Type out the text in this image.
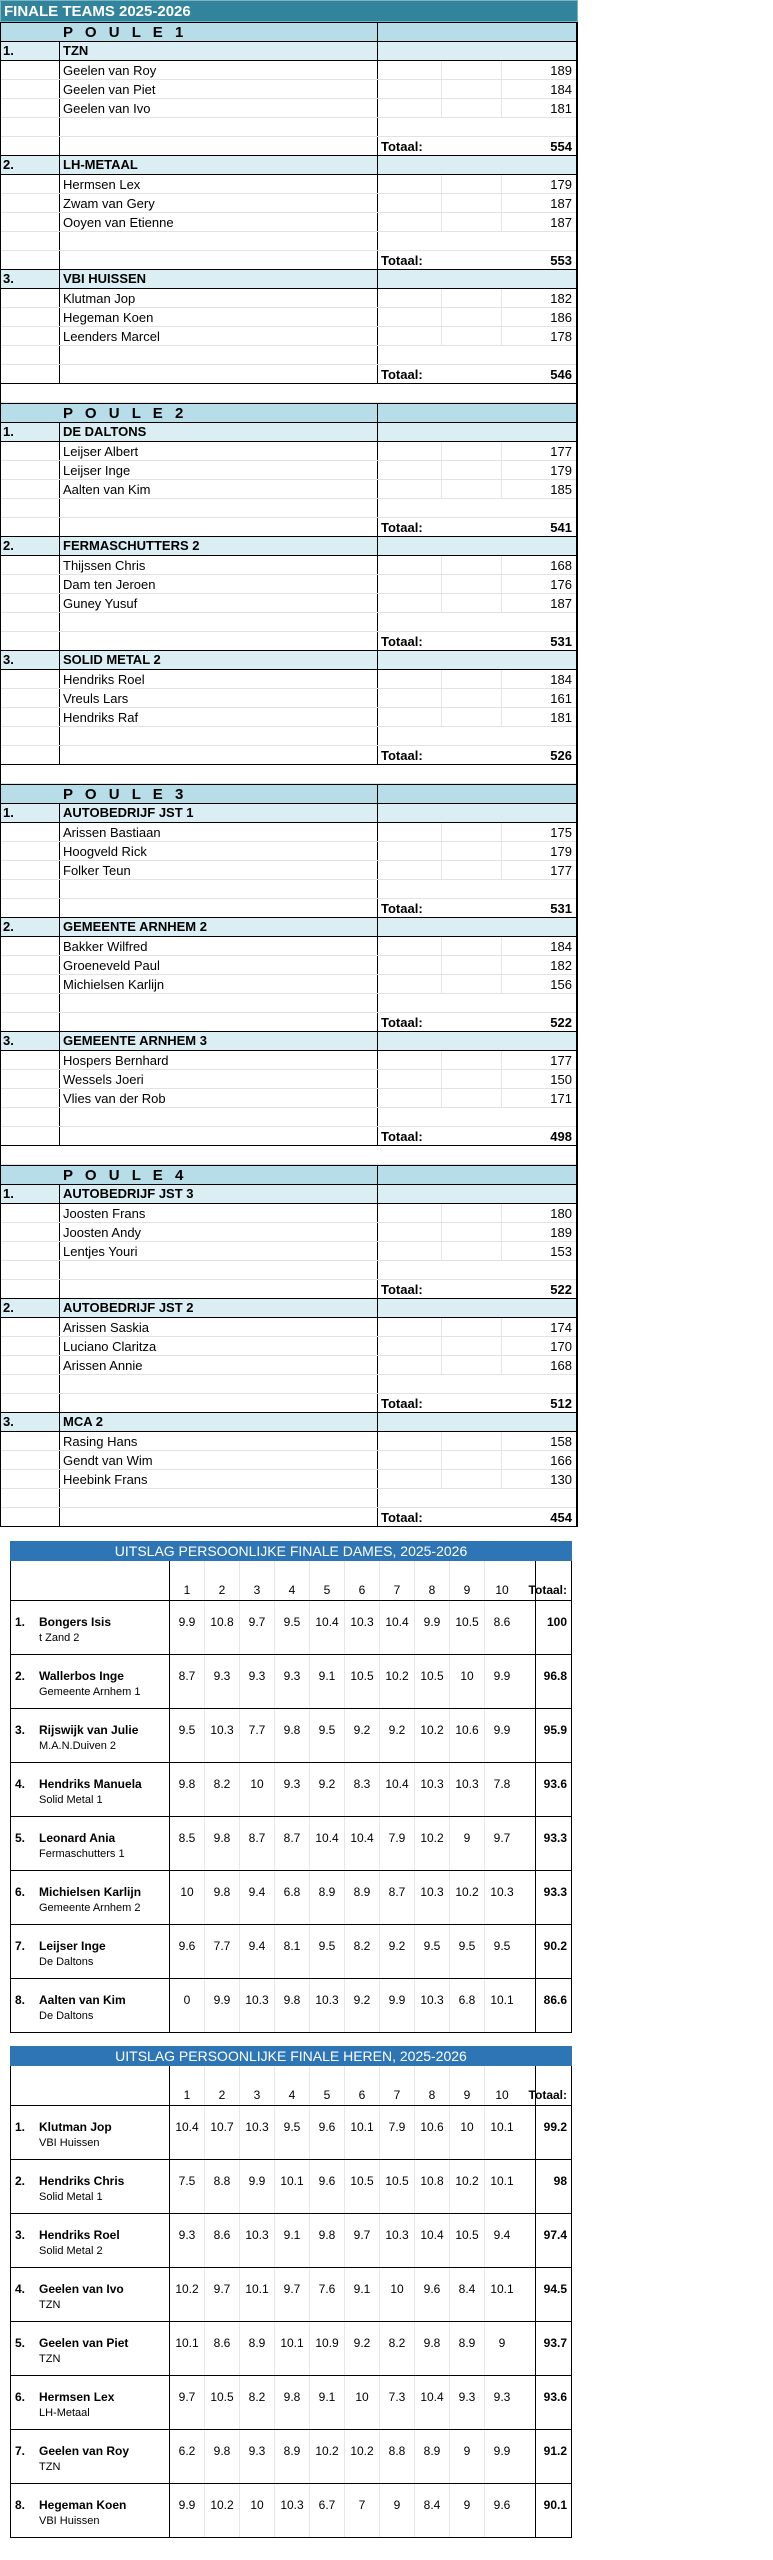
FINALE TEAMS 2025-2026
P O U L E 1
1.	TZN
Geelen van Roy	189
Geelen van Piet	184
Geelen van Ivo	181
Totaal:	554
2.	LH-METAAL
Hermsen Lex	179
Zwam van Gery	187
Ooyen van Etienne	187
Totaal:	553
3.	VBI HUISSEN
Klutman Jop	182
Hegeman Koen	186
Leenders Marcel	178
Totaal:	546
P O U L E 2
1.	DE DALTONS
Leijser Albert	177
Leijser Inge	179
Aalten van Kim	185
Totaal:	541
2.	FERMASCHUTTERS 2
Thijssen Chris	168
Dam ten Jeroen	176
Guney Yusuf	187
Totaal:	531
3.	SOLID METAL 2
Hendriks Roel	184
Vreuls Lars	161
Hendriks Raf	181
Totaal:	526
P O U L E 3
1.	AUTOBEDRIJF JST 1
Arissen Bastiaan	175
Hoogveld Rick	179
Folker Teun	177
Totaal:	531
2.	GEMEENTE ARNHEM 2
Bakker Wilfred	184
Groeneveld Paul	182
Michielsen Karlijn	156
Totaal:	522
3.	GEMEENTE ARNHEM 3
Hospers Bernhard	177
Wessels Joeri	150
Vlies van der Rob	171
Totaal:	498
P O U L E 4
1.	AUTOBEDRIJF JST 3
Joosten Frans	180
Joosten Andy	189
Lentjes Youri	153
Totaal:	522
2.	AUTOBEDRIJF JST 2
Arissen Saskia	174
Luciano Claritza	170
Arissen Annie	168
Totaal:	512
3.	MCA 2
Rasing Hans	158
Gendt van Wim	166
Heebink Frans	130
Totaal:	454
UITSLAG PERSOONLIJKE FINALE DAMES, 2025-2026
1	2	3	4	5	6	7	8	9	10	Totaal:
1. Bongers Isis
t Zand 2
9.9	10.8	9.7	9.5	10.4 10.3 10.4	9.9	10.5	8.6	100
2. Wallerbos Inge
Gemeente Arnhem 1
8.7	9.3	9.3	9.3	9.1	10.5 10.2 10.5	10	9.9	96.8
3. Rijswijk van Julie
M.A.N.Duiven 2
9.5	10.3	7.7	9.8	9.5	9.2	9.2	10.2 10.6	9.9	95.9
4. Hendriks Manuela
Solid Metal 1
9.8	8.2	10	9.3	9.2	8.3	10.4 10.3 10.3	7.8	93.6
5. Leonard Ania
Fermaschutters 1
8.5	9.8	8.7	8.7	10.4 10.4	7.9	10.2	9	9.7	93.3
6. Michielsen Karlijn
Gemeente Arnhem 2
10	9.8	9.4	6.8	8.9	8.9	8.7	10.3 10.2 10.3	93.3
7. Leijser Inge
De Daltons
9.6	7.7	9.4	8.1	9.5	8.2	9.2	9.5	9.5	9.5	90.2
8. Aalten van Kim
De Daltons
0	9.9	10.3	9.8	10.3	9.2	9.9	10.3	6.8	10.1	86.6
UITSLAG PERSOONLIJKE FINALE HEREN, 2025-2026
1	2	3	4	5	6	7	8	9	10	Totaal:
1. Klutman Jop
VBI Huissen
10.4 10.7 10.3	9.5	9.6	10.1	7.9	10.6	10	10.1	99.2
2. Hendriks Chris
Solid Metal 1
7.5	8.8	9.9	10.1	9.6	10.5 10.5 10.8 10.2 10.1	98
3. Hendriks Roel
Solid Metal 2
9.3	8.6	10.3	9.1	9.8	9.7	10.3 10.4 10.5	9.4	97.4
4. Geelen van Ivo
TZN
10.2	9.7	10.1	9.7	7.6	9.1	10	9.6	8.4	10.1	94.5
5. Geelen van Piet
TZN
10.1	8.6	8.9	10.1 10.9	9.2	8.2	9.8	8.9	9	93.7
6. Hermsen Lex
LH-Metaal
9.7	10.5	8.2	9.8	9.1	10	7.3	10.4	9.3	9.3	93.6
7. Geelen van Roy
TZN
6.2	9.8	9.3	8.9	10.2 10.2	8.8	8.9	9	9.9	91.2
8. Hegeman Koen
VBI Huissen
9.9	10.2	10	10.3	6.7	7	9	8.4	9	9.6	90.1
